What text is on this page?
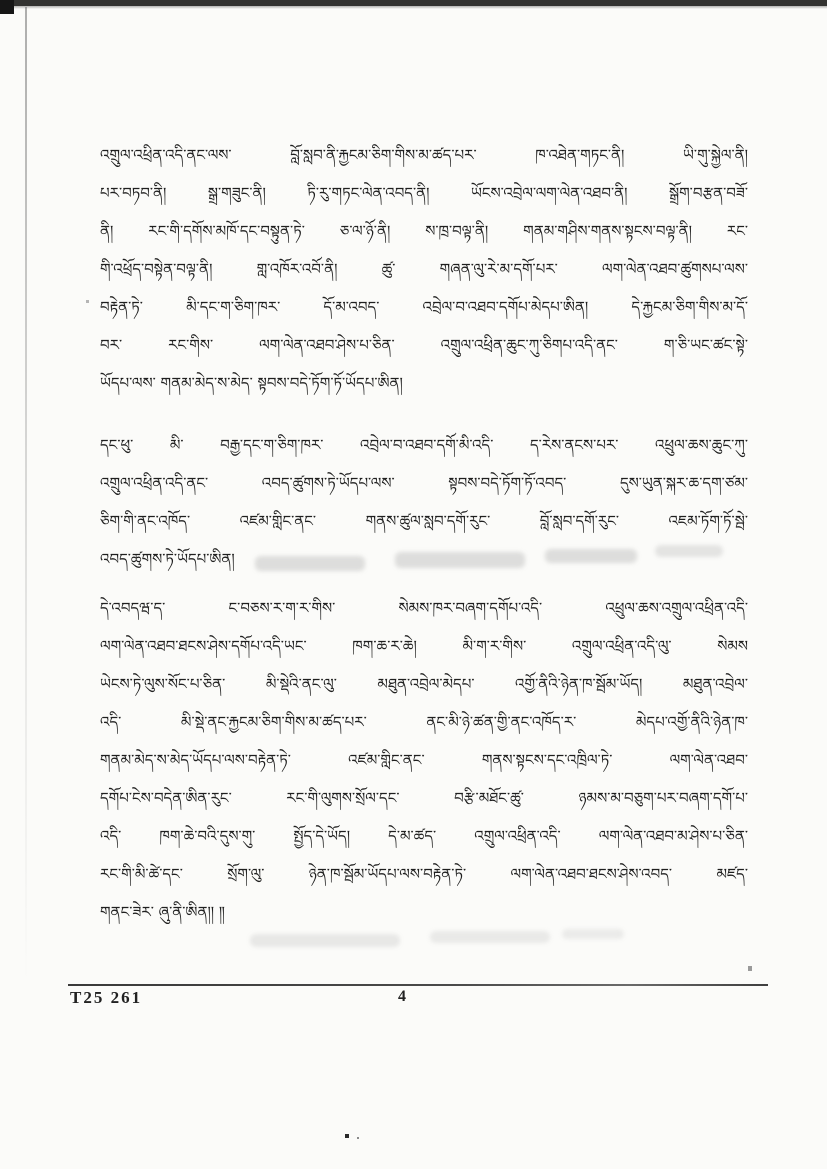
འགྲུལ་འཕྲིན་འདི་ནང་ལས་ བློ་སླབ་ནི་རྐྱངམ་ཅིག་གིས་མ་ཚད་པར་ ཁ་འཐེན་གཏང་ནི། ཡི་གུ་སྐྱེལ་ནི།
པར་བཏབ་ནི། སྒྲ་གཟུང་ནི། ཏི་རུ་གཏང་ལེན་འབད་ནི། ཡོངས་འབྲེལ་ལག་ལེན་འཐབ་ནི། སྒྲོག་བརྩན་བཟོ་
ནི། རང་གི་དགོས་མཁོ་དང་བསྟུན་ཏེ་ ཅ་ལ་ཉོ་ནི། ས་ཁྲ་བལྟ་ནི། གནམ་གཤིས་གནས་སྟངས་བལྟ་ནི། རང་
གི་འཕྲོད་བསྟེན་བལྟ་ནི། གླ་འཁོར་འབོ་ནི། ཚུ་ གཞན་ལུ་རེ་མ་དགོ་པར་ ལག་ལེན་འཐབ་ཚུགསཔ་ལས་
བརྟེན་ཏེ་ མི་དང་ག་ཅིག་ཁར་ དོ་མ་འབད་ འབྲེལ་བ་འཐབ་དགོཔ་མེདཔ་ཨིན། དེ་རྐྱངམ་ཅིག་གིས་མ་དོ་
བར་ རང་གིས་ ལག་ལེན་འཐབ་ཤེས་པ་ཅིན་ འགྲུལ་འཕྲིན་ཆུང་ཀུ་ཅིགཔ་འདི་ནང་ ག་ཅི་ཡང་ཚང་སྟེ་
ཡོདཔ་ལས་ གནམ་མེད་ས་མེད་ སྟབས་བདེ་ཏོག་ཏོ་ཡོདཔ་ཨིན།
དང་ཕུ་ མི་ བརྒྱ་དང་ག་ཅིག་ཁར་ འབྲེལ་བ་འཐབ་དགོ་མི་འདི་ ད་རེས་ནངས་པར་ འཕྲུལ་ཆས་ཆུང་ཀུ་
འགྲུལ་འཕྲིན་འདི་ནང་ འབད་ཚུགས་ཏེ་ཡོདཔ་ལས་ སྟབས་བདེ་ཏོག་ཏོ་འབད་ དུས་ཡུན་སྐར་ཆ་དག་ཙམ་
ཅིག་གི་ནང་འཁོད་ འཛམ་གླིང་ནང་ གནས་ཚུལ་སླབ་དགོ་རུང་ བློ་སླབ་དགོ་རུང་ འཇམ་ཏོག་ཏོ་སྦེ་
འབད་ཚུགས་ཏེ་ཡོདཔ་ཨིན།
དེ་འབདཝ་ད་ ང་བཅས་ར་ག་ར་གིས་ སེམས་ཁར་བཞག་དགོཔ་འདི་ འཕྲུལ་ཆས་འགྲུལ་འཕྲིན་འདི་
ལག་ལེན་འཐབ་ཐངས་ཤེས་དགོཔ་འདི་ཡང་ ཁག་ཆ་ར་ཆེ། མི་ག་ར་གིས་ འགྲུལ་འཕྲིན་འདི་ལུ་ སེམས
ཡེངས་ཏེ་ལུས་སོང་པ་ཅིན་ མི་སྡེའི་ནང་ལུ་ མཐུན་འབྲེལ་མེདཔ་ འགྱོ་ནིའི་ཉེན་ཁ་སྦོམ་ཡོད། མཐུན་འབྲེལ་
འདི་ མི་སྡེ་ནང་རྐྱངམ་ཅིག་གིས་མ་ཚད་པར་ ནང་མི་ཉེ་ཚན་གྱི་ནང་འཁོད་ར་ མེདཔ་འགྱོ་ནིའི་ཉེན་ཁ་
གནམ་མེད་ས་མེད་ཡོདཔ་ལས་བརྟེན་ཏེ་ འཛམ་གླིང་ནང་ གནས་སྟངས་དང་འཁྲིལ་ཏེ་ ལག་ལེན་འཐབ་
དགོཔ་ངེས་བདེན་ཨིན་རུང་ རང་གི་ལུགས་སྲོལ་དང་ བརྩི་མཐོང་ཚུ་ ཉམས་མ་བཅུག་པར་བཞག་དགོ་པ་
འདི་ ཁག་ཆེ་བའི་དུས་གུ་ སྤྱོད་དེ་ཡོད། དེ་མ་ཚད་ འགྲུལ་འཕྲིན་འདི་ ལག་ལེན་འཐབ་མ་ཤེས་པ་ཅིན་
རང་གི་མི་ཚེ་དང་ སྲོག་ལུ་ ཉེན་ཁ་སྦོམ་ཡོདཔ་ལས་བརྟེན་ཏེ་ ལག་ལེན་འཐབ་ཐངས་ཤེས་འབད་ མཛད་
གནང་ཟེར་ ཞུ་ནི་ཨིན།། ༎
T25 261	4
